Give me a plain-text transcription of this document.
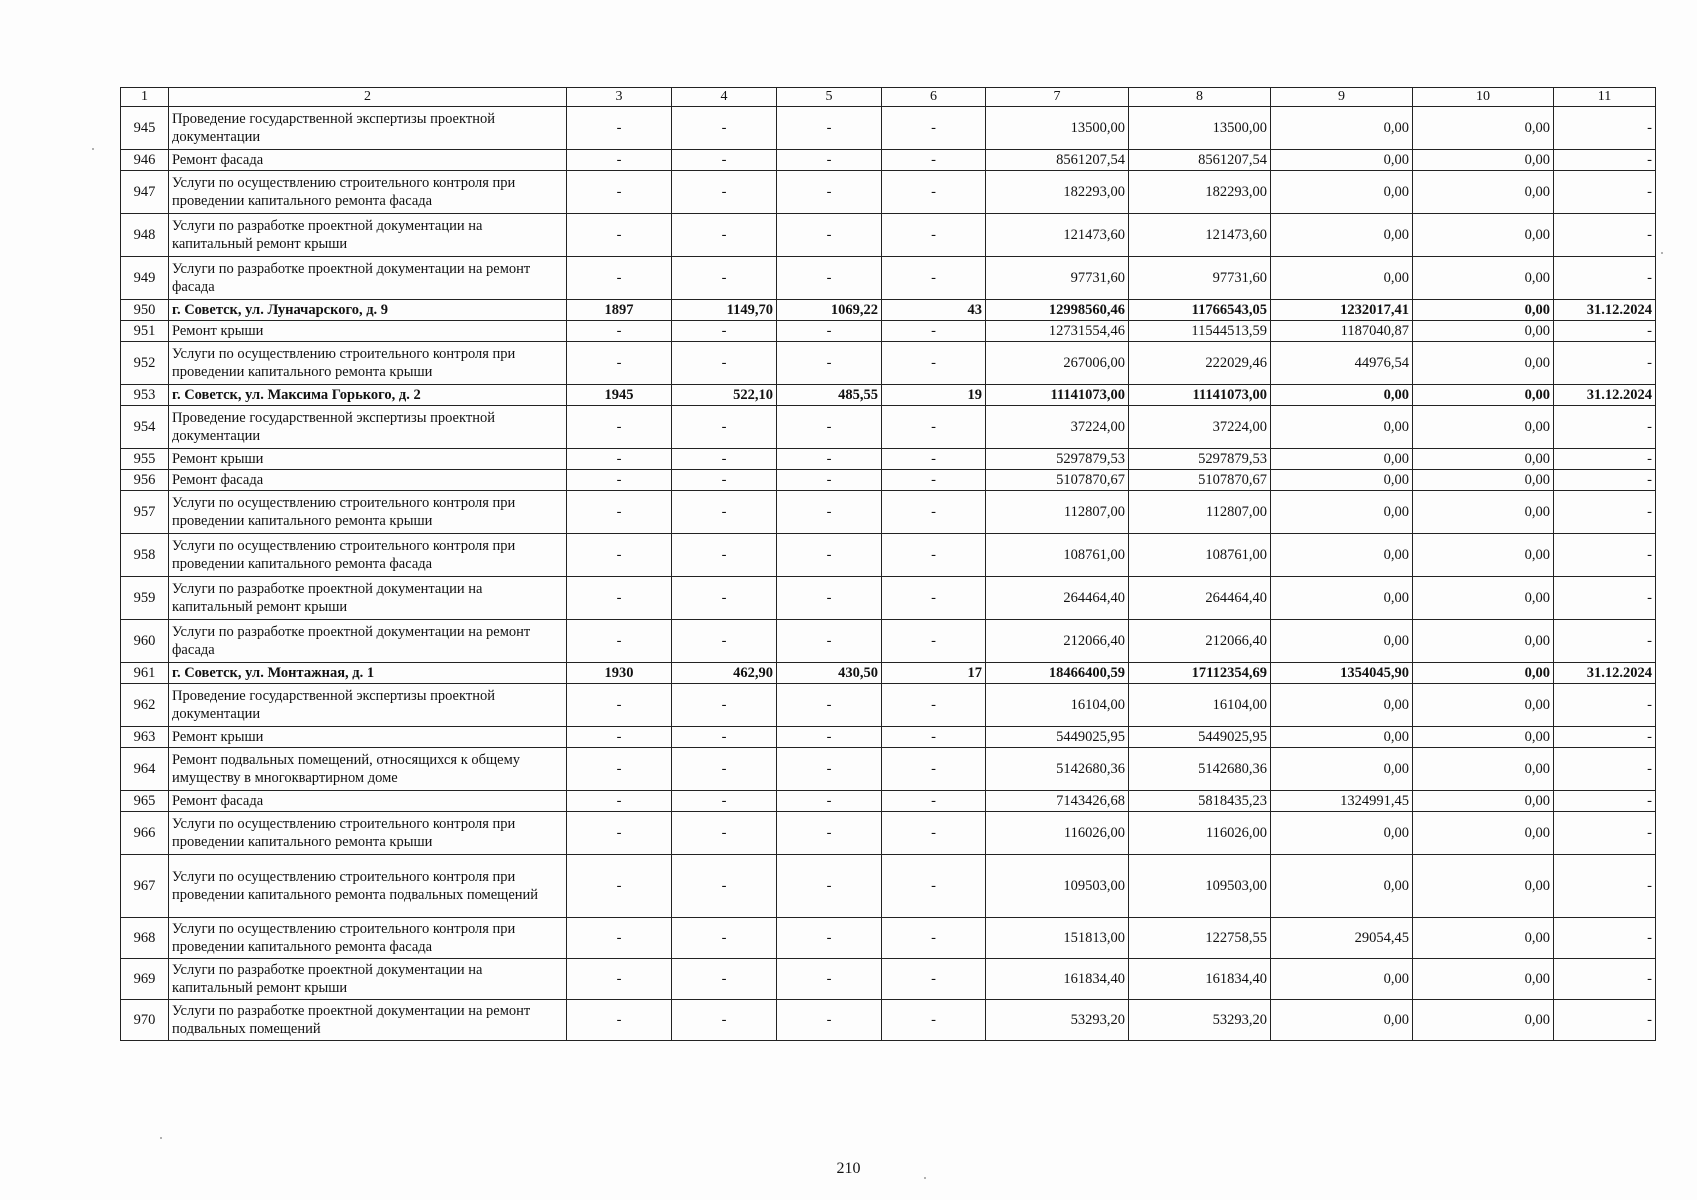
1	2	3	4	5	6	7	8	9	10	11
945	Проведение государственной экспертизы проектной документации	-	-	-	-	13500,00	13500,00	0,00	0,00	-
946	Ремонт фасада	-	-	-	-	8561207,54	8561207,54	0,00	0,00	-
947	Услуги по осуществлению строительного контроля при проведении капитального ремонта фасада	-	-	-	-	182293,00	182293,00	0,00	0,00	-
948	Услуги по разработке проектной документации на капитальный ремонт крыши	-	-	-	-	121473,60	121473,60	0,00	0,00	-
949	Услуги по разработке проектной документации на ремонт фасада	-	-	-	-	97731,60	97731,60	0,00	0,00	-
950	г. Советск, ул. Луначарского, д. 9	1897	1149,70	1069,22	43	12998560,46	11766543,05	1232017,41	0,00	31.12.2024
951	Ремонт крыши	-	-	-	-	12731554,46	11544513,59	1187040,87	0,00	-
952	Услуги по осуществлению строительного контроля при проведении капитального ремонта крыши	-	-	-	-	267006,00	222029,46	44976,54	0,00	-
953	г. Советск, ул. Максима Горького, д. 2	1945	522,10	485,55	19	11141073,00	11141073,00	0,00	0,00	31.12.2024
954	Проведение государственной экспертизы проектной документации	-	-	-	-	37224,00	37224,00	0,00	0,00	-
955	Ремонт крыши	-	-	-	-	5297879,53	5297879,53	0,00	0,00	-
956	Ремонт фасада	-	-	-	-	5107870,67	5107870,67	0,00	0,00	-
957	Услуги по осуществлению строительного контроля при проведении капитального ремонта крыши	-	-	-	-	112807,00	112807,00	0,00	0,00	-
958	Услуги по осуществлению строительного контроля при проведении капитального ремонта фасада	-	-	-	-	108761,00	108761,00	0,00	0,00	-
959	Услуги по разработке проектной документации на капитальный ремонт крыши	-	-	-	-	264464,40	264464,40	0,00	0,00	-
960	Услуги по разработке проектной документации на ремонт фасада	-	-	-	-	212066,40	212066,40	0,00	0,00	-
961	г. Советск, ул. Монтажная, д. 1	1930	462,90	430,50	17	18466400,59	17112354,69	1354045,90	0,00	31.12.2024
962	Проведение государственной экспертизы проектной документации	-	-	-	-	16104,00	16104,00	0,00	0,00	-
963	Ремонт крыши	-	-	-	-	5449025,95	5449025,95	0,00	0,00	-
964	Ремонт подвальных помещений, относящихся к общему имуществу в многоквартирном доме	-	-	-	-	5142680,36	5142680,36	0,00	0,00	-
965	Ремонт фасада	-	-	-	-	7143426,68	5818435,23	1324991,45	0,00	-
966	Услуги по осуществлению строительного контроля при проведении капитального ремонта крыши	-	-	-	-	116026,00	116026,00	0,00	0,00	-
967	Услуги по осуществлению строительного контроля при проведении капитального ремонта подвальных помещений	-	-	-	-	109503,00	109503,00	0,00	0,00	-
968	Услуги по осуществлению строительного контроля при проведении капитального ремонта фасада	-	-	-	-	151813,00	122758,55	29054,45	0,00	-
969	Услуги по разработке проектной документации на капитальный ремонт крыши	-	-	-	-	161834,40	161834,40	0,00	0,00	-
970	Услуги по разработке проектной документации на ремонт подвальных помещений	-	-	-	-	53293,20	53293,20	0,00	0,00	-
210
